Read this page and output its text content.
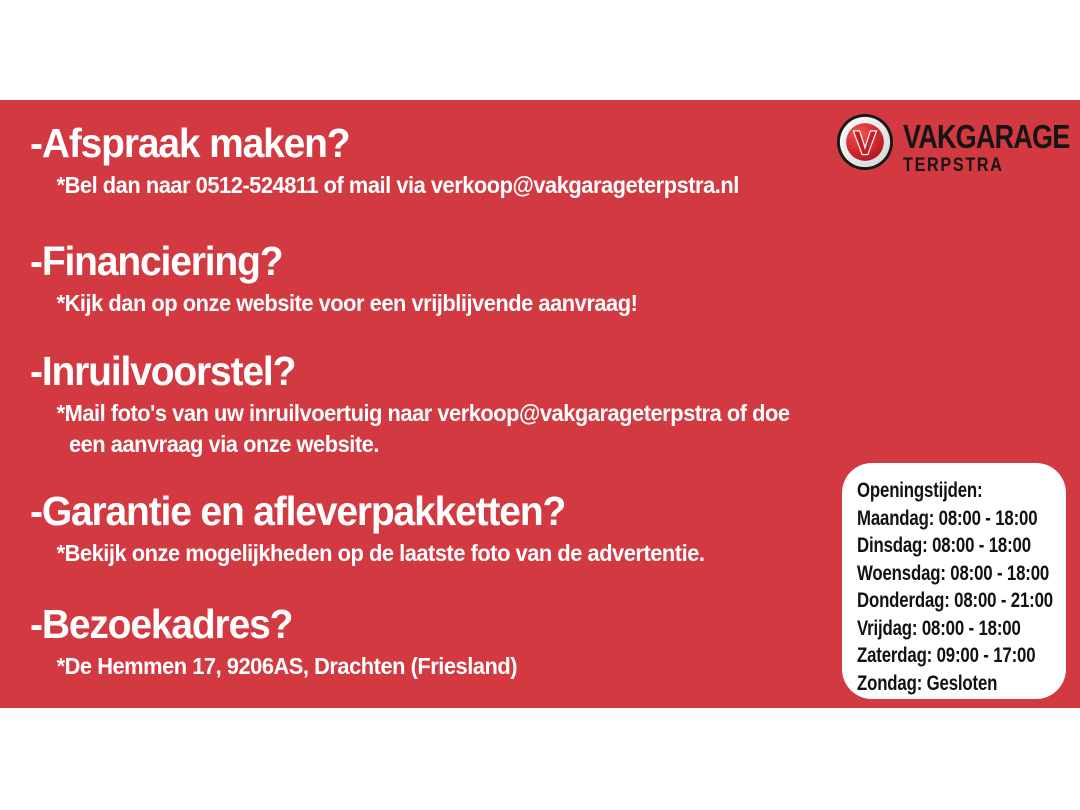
V VAKGARAGE
TERPSTRA
-Afspraak maken?

*Bel dan naar 0512-524811 of mail via verkoop@vakgarageterpstra.nl

-Financiering?

*Kijk dan op onze website voor een vrijblijvende aanvraag!

-Inruilvoorstel?

*Mail foto's van uw inruilvoertuig naar verkoop@vakgarageterpstra of doe

een aanvraag via onze website.

-Garantie en afleverpakketten?

*Bekijk onze mogelijkheden op de laatste foto van de advertentie.

-Bezoekadres?

*De Hemmen 17, 9206AS, Drachten (Friesland)

Openingstijden:
Maandag: 08:00 - 18:00
Dinsdag: 08:00 - 18:00
Woensdag: 08:00 - 18:00
Donderdag: 08:00 - 21:00
Vrijdag: 08:00 - 18:00
Zaterdag: 09:00 - 17:00
Zondag: Gesloten
